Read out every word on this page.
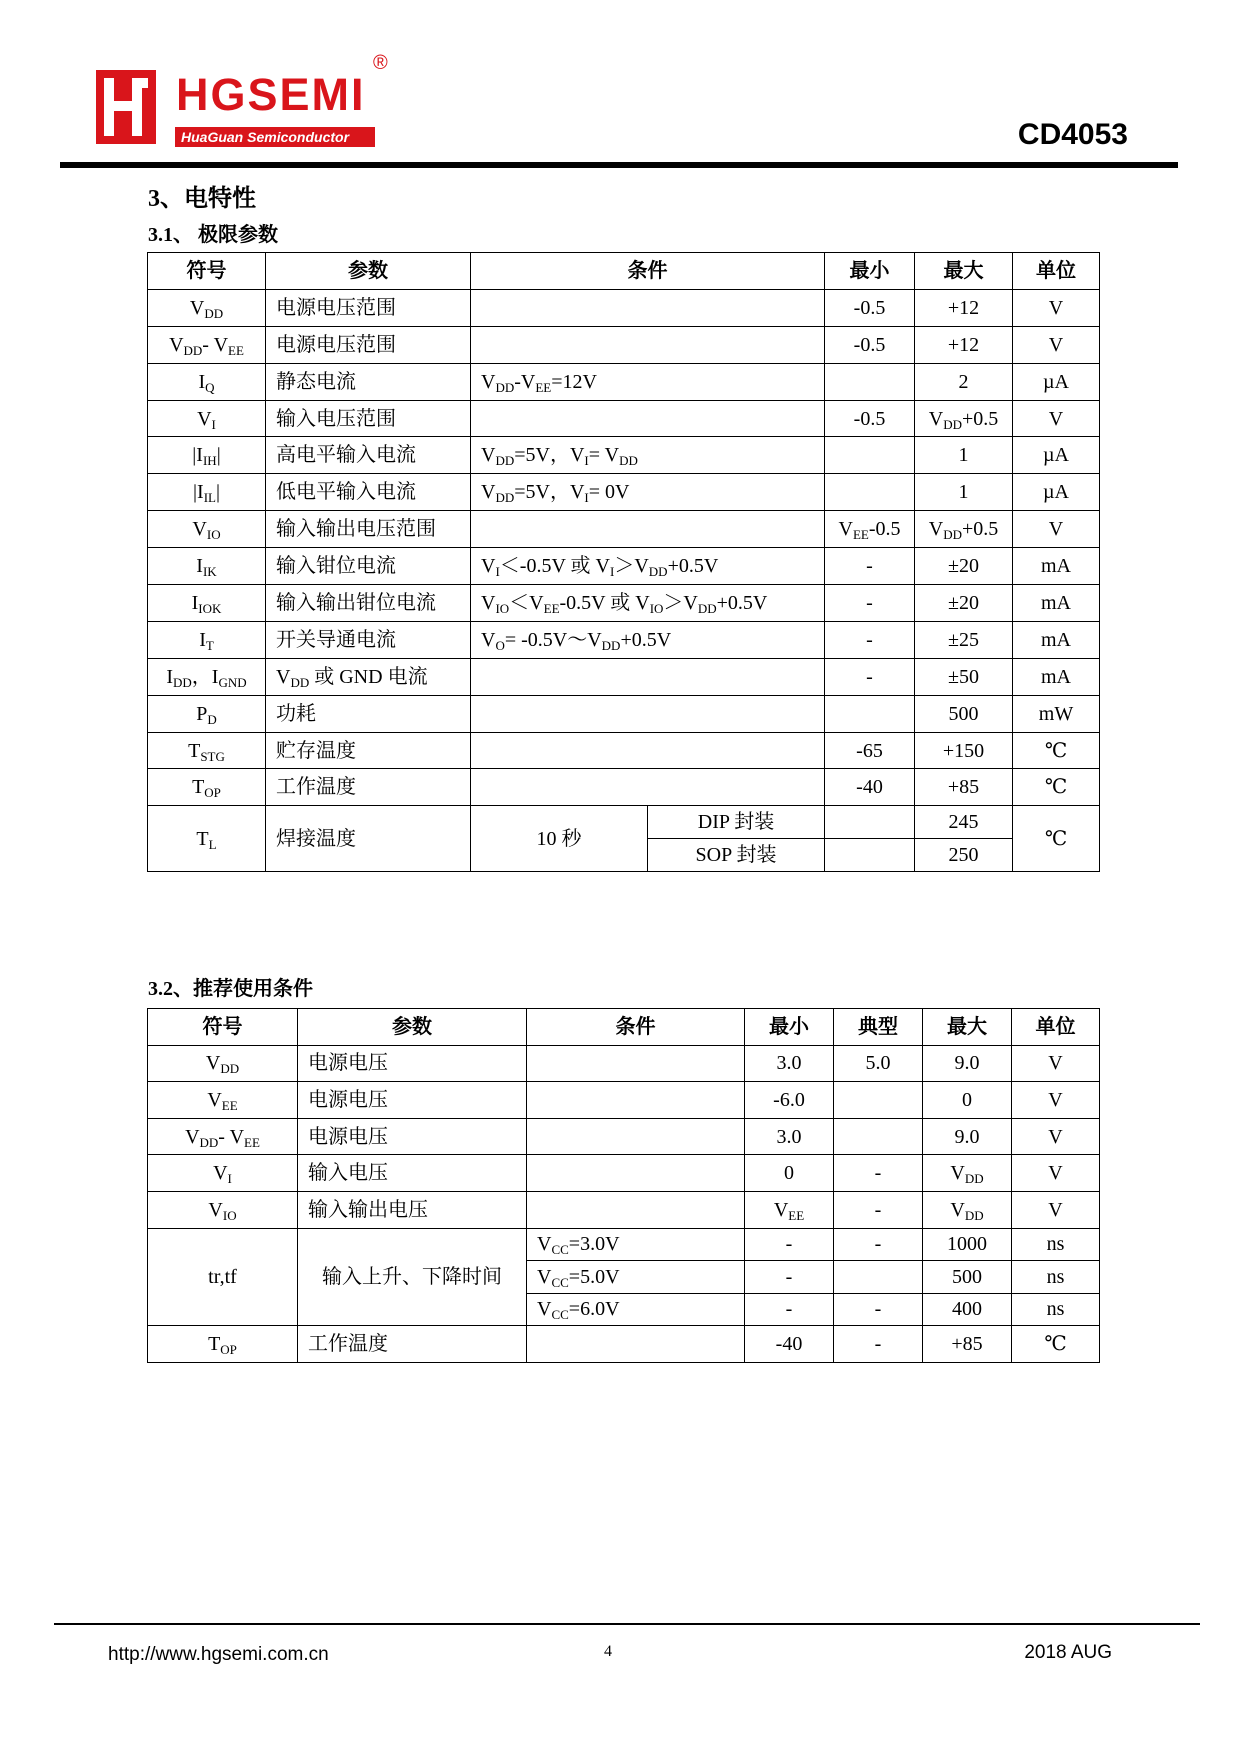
HGSEMI
®
HuaGuan Semiconductor	CD4053
3、电特性
3.1、 极限参数
符号	参数	条件		最小	最大	单位
$V_{DD}$	电源电压范围			-0.5	+12	V
$V_{DD}-$ $V_{EE}$	电源电压范围			-0.5	+12	V
$I_Q$	静态电流	$V_{DD}-V_{EE}=12V$			2	µA
$V_I$	输入电压范围			-0.5	$V_{DD}+0.5$	V
$|I_{IH}|$	高电平输入电流	$V_{DD}=5V$，$V_I= V_{DD}$			1	µA
$|I_{IL}|$	低电平输入电流	$V_{DD}=5V$，$V_I= 0V$			1	µA
$V_{IO}$	输入输出电压范围			$V_{EE}-0.5$	$V_{DD}+0.5$	V
$I_{IK}$	输入钳位电流	$V_I<-0.5V$ 或 $V_I>V_{DD}+0.5V$		-	±20	mA
$I_{IOK}$	输入输出钳位电流	$V_{IO}<V_{EE}-0.5V$ 或 $V_{IO}>V_{DD}+0.5V$		-	±20	mA
$I_T$	开关导通电流	$V_O=$ $-0.5V\sim V_{DD}+0.5V$		-	±25	mA
$I_{DD}$，$I_{GND}$	$V_{DD}$ 或 GND 电流			-	±50	mA
$P_D$	功耗				500	mW
$T_{STG}$	贮存温度			-65	+150	℃
$T_{OP}$	工作温度			-40	+85	℃
$T_L$	焊接温度	10 秒	DIP 封装		245	℃
			SOP 封装		250	
3.2、推荐使用条件
符号	参数	条件	最小	典型	最大	单位
$V_{DD}$	电源电压		3.0	5.0	9.0	V
$V_{EE}$	电源电压		-6.0		0	V
$V_{DD}-$ $V_{EE}$	电源电压		3.0		9.0	V
$V_I$	输入电压		0	-	$V_{DD}$	V
$V_{IO}$	输入输出电压		$V_{EE}$	-	$V_{DD}$	V
tr,tf	输入上升、下降时间	$V_{CC}=3.0V$	-	-	1000	ns
		$V_{CC}=5.0V$	-		500	ns
		$V_{CC}=6.0V$	-	-	400	ns
$T_{OP}$	工作温度		-40	-	+85	℃
http://www.hgsemi.com.cn	4	2018 AUG
